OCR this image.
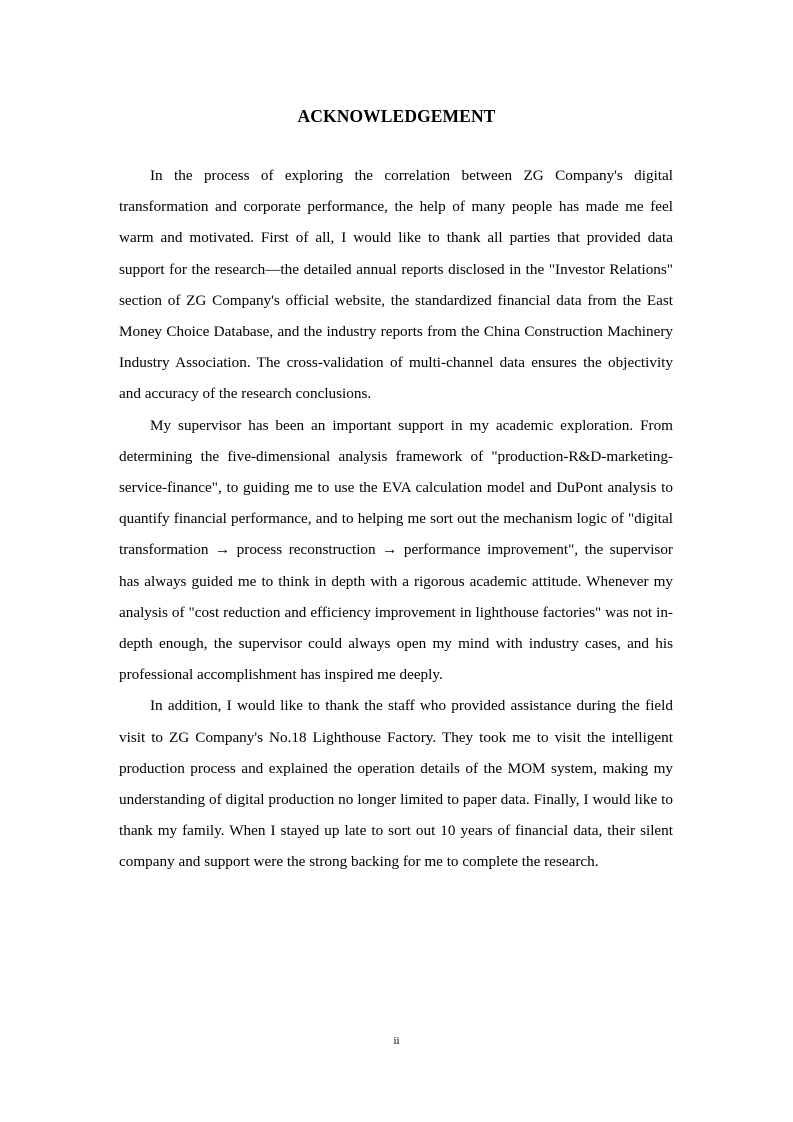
ACKNOWLEDGEMENT

In the process of exploring the correlation between ZG Company's digital transformation and corporate performance, the help of many people has made me feel warm and motivated. First of all, I would like to thank all parties that provided data support for the research—the detailed annual reports disclosed in the "Investor Relations" section of ZG Company's official website, the standardized financial data from the East Money Choice Database, and the industry reports from the China Construction Machinery Industry Association. The cross-validation of multi-channel data ensures the objectivity and accuracy of the research conclusions.

My supervisor has been an important support in my academic exploration. From determining the five-dimensional analysis framework of "production-R&D-marketing-service-finance", to guiding me to use the EVA calculation model and DuPont analysis to quantify financial performance, and to helping me sort out the mechanism logic of "digital transformation → process reconstruction → performance improvement", the supervisor has always guided me to think in depth with a rigorous academic attitude. Whenever my analysis of "cost reduction and efficiency improvement in lighthouse factories" was not in-depth enough, the supervisor could always open my mind with industry cases, and his professional accomplishment has inspired me deeply.

In addition, I would like to thank the staff who provided assistance during the field visit to ZG Company's No.18 Lighthouse Factory. They took me to visit the intelligent production process and explained the operation details of the MOM system, making my understanding of digital production no longer limited to paper data. Finally, I would like to thank my family. When I stayed up late to sort out 10 years of financial data, their silent company and support were the strong backing for me to complete the research.

ii
